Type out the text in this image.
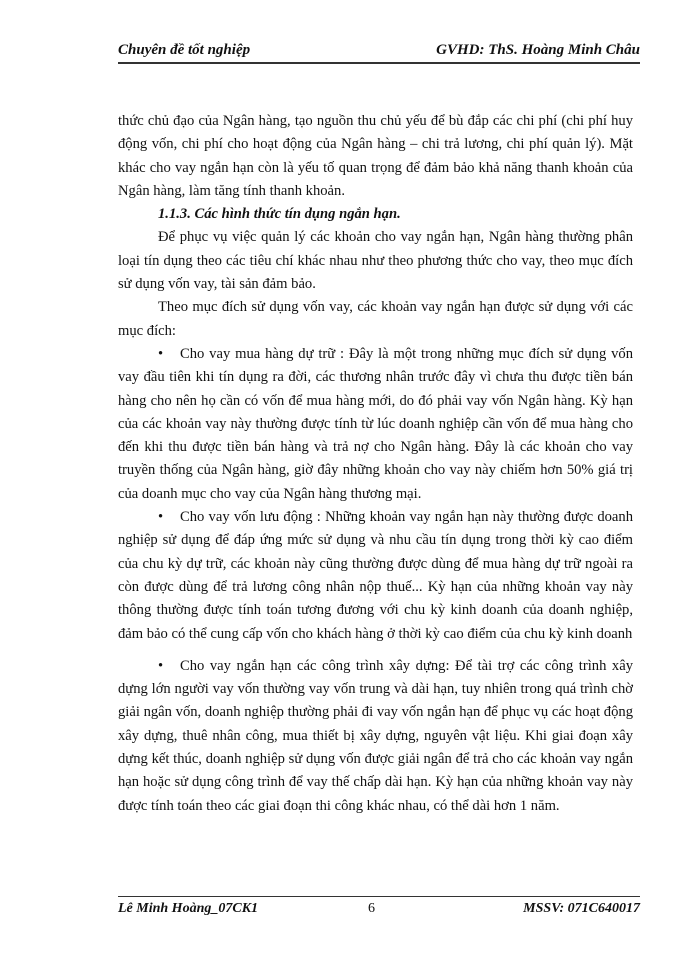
Chuyên đề tốt nghiệp	GVHD: ThS. Hoàng Minh Châu

thức chủ đạo của Ngân hàng, tạo nguồn thu chủ yếu để bù đắp các chi phí (chi phí huy động vốn, chi phí cho hoạt động của Ngân hàng – chi trả lương, chi phí quản lý). Mặt khác cho vay ngắn hạn còn là yếu tố quan trọng để đảm bảo khả năng thanh khoản của Ngân hàng, làm tăng tính thanh khoản.

1.1.3. Các hình thức tín dụng ngắn hạn.

Để phục vụ việc quản lý các khoản cho vay ngắn hạn, Ngân hàng thường phân loại tín dụng theo các tiêu chí khác nhau như theo phương thức cho vay, theo mục đích sử dụng vốn vay, tài sản đảm bảo.

Theo mục đích sử dụng vốn vay, các khoản vay ngắn hạn được sử dụng với các mục đích:

• Cho vay mua hàng dự trữ : Đây là một trong những mục đích sử dụng vốn vay đầu tiên khi tín dụng ra đời, các thương nhân trước đây vì chưa thu được tiền bán hàng cho nên họ cần có vốn để mua hàng mới, do đó phải vay vốn Ngân hàng. Kỳ hạn của các khoản vay này thường được tính từ lúc doanh nghiệp cần vốn để mua hàng cho đến khi thu được tiền bán hàng và trả nợ cho Ngân hàng. Đây là các khoản cho vay truyền thống của Ngân hàng, giờ đây những khoản cho vay này chiếm hơn 50% giá trị của doanh mục cho vay của Ngân hàng thương mại.

• Cho vay vốn lưu động : Những khoản vay ngắn hạn này thường được doanh nghiệp sử dụng để đáp ứng mức sử dụng và nhu cầu tín dụng trong thời kỳ cao điểm của chu kỳ dự trữ, các khoản này cũng thường được dùng để mua hàng dự trữ ngoài ra còn được dùng để trả lương công nhân nộp thuế... Kỳ hạn của những khoản vay này thông thường được tính toán tương đương với chu kỳ kinh doanh của doanh nghiệp, đảm bảo có thể cung cấp vốn cho khách hàng ở thời kỳ cao điểm của chu kỳ kinh doanh

• Cho vay ngắn hạn các công trình xây dựng: Để tài trợ các công trình xây dựng lớn người vay vốn thường vay vốn trung và dài hạn, tuy nhiên trong quá trình chờ giải ngân vốn, doanh nghiệp thường phải đi vay vốn ngắn hạn để phục vụ các hoạt động xây dựng, thuê nhân công, mua thiết bị xây dựng, nguyên vật liệu. Khi giai đoạn xây dựng kết thúc, doanh nghiệp sử dụng vốn được giải ngân để trả cho các khoản vay ngắn hạn hoặc sử dụng công trình để vay thế chấp dài hạn. Kỳ hạn của những khoản vay này được tính toán theo các giai đoạn thi công khác nhau, có thể dài hơn 1 năm.

Lê Minh Hoàng_07CK1	6	MSSV: 071C640017
